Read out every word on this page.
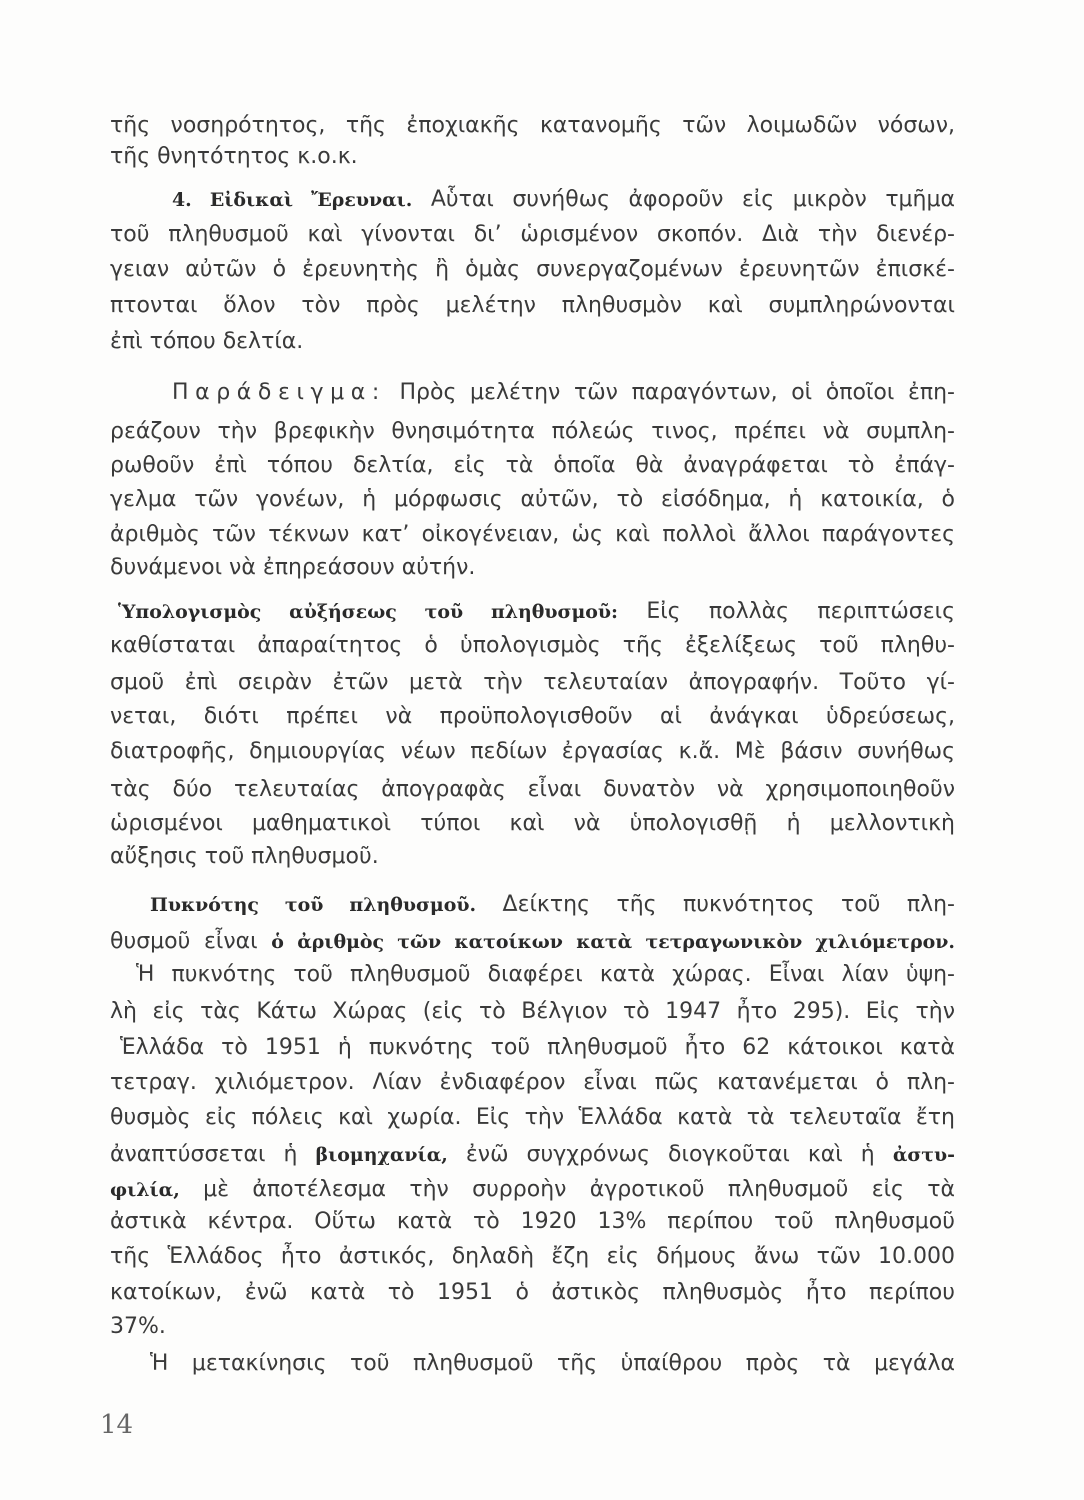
τῆς νοσηρότητος, τῆς ἐποχιακῆς κατανομῆς τῶν λοιμωδῶν νόσων,
τῆς θνητότητος κ.ο.κ.
4. Εἰδικαὶ Ἔρευναι. Αὗται συνήθως ἀφοροῦν εἰς μικρὸν τμῆμα
τοῦ πληθυσμοῦ καὶ γίνονται δι’ ὡρισμένον σκοπόν. Διὰ τὴν διενέρ-
γειαν αὐτῶν ὁ ἐρευνητὴς ἢ ὁμὰς συνεργαζομένων ἐρευνητῶν ἐπισκέ-
πτονται ὅλον τὸν πρὸς μελέτην πληθυσμὸν καὶ συμπληρώνονται
ἐπὶ τόπου δελτία.
Παράδειγμα: Πρὸς μελέτην τῶν παραγόντων, οἱ ὁποῖοι ἐπη-
ρεάζουν τὴν βρεφικὴν θνησιμότητα πόλεώς τινος, πρέπει νὰ συμπλη-
ρωθοῦν ἐπὶ τόπου δελτία, εἰς τὰ ὁποῖα θὰ ἀναγράφεται τὸ ἐπάγ-
γελμα τῶν γονέων, ἡ μόρφωσις αὐτῶν, τὸ εἰσόδημα, ἡ κατοικία, ὁ
ἀριθμὸς τῶν τέκνων κατ’ οἰκογένειαν, ὡς καὶ πολλοὶ ἄλλοι παράγοντες
δυνάμενοι νὰ ἐπηρεάσουν αὐτήν.
Ὑπολογισμὸς αὐξήσεως τοῦ πληθυσμοῦ: Εἰς πολλὰς περιπτώσεις
καθίσταται ἀπαραίτητος ὁ ὑπολογισμὸς τῆς ἐξελίξεως τοῦ πληθυ-
σμοῦ ἐπὶ σειρὰν ἐτῶν μετὰ τὴν τελευταίαν ἀπογραφήν. Τοῦτο γί-
νεται, διότι πρέπει νὰ προϋπολογισθοῦν αἱ ἀνάγκαι ὑδρεύσεως,
διατροφῆς, δημιουργίας νέων πεδίων ἐργασίας κ.ἄ. Μὲ βάσιν συνήθως
τὰς δύο τελευταίας ἀπογραφὰς εἶναι δυνατὸν νὰ χρησιμοποιηθοῦν
ὡρισμένοι μαθηματικοὶ τύποι καὶ νὰ ὑπολογισθῇ ἡ μελλοντικὴ
αὔξησις τοῦ πληθυσμοῦ.
Πυκνότης τοῦ πληθυσμοῦ. Δείκτης τῆς πυκνότητος τοῦ πλη-
θυσμοῦ εἶναι ὁ ἀριθμὸς τῶν κατοίκων κατὰ τετραγωνικὸν χιλιόμετρον.
Ἡ πυκνότης τοῦ πληθυσμοῦ διαφέρει κατὰ χώρας. Εἶναι λίαν ὑψη-
λὴ εἰς τὰς Κάτω Χώρας (εἰς τὸ Βέλγιον τὸ 1947 ἦτο 295). Εἰς τὴν
Ἑλλάδα τὸ 1951 ἡ πυκνότης τοῦ πληθυσμοῦ ἦτο 62 κάτοικοι κατὰ
τετραγ. χιλιόμετρον. Λίαν ἐνδιαφέρον εἶναι πῶς κατανέμεται ὁ πλη-
θυσμὸς εἰς πόλεις καὶ χωρία. Εἰς τὴν Ἑλλάδα κατὰ τὰ τελευταῖα ἔτη
ἀναπτύσσεται ἡ βιομηχανία, ἐνῶ συγχρόνως διογκοῦται καὶ ἡ ἀστυ-
φιλία, μὲ ἀποτέλεσμα τὴν συρροὴν ἀγροτικοῦ πληθυσμοῦ εἰς τὰ
ἀστικὰ κέντρα. Οὕτω κατὰ τὸ 1920 13% περίπου τοῦ πληθυσμοῦ
τῆς Ἑλλάδος ἦτο ἀστικός, δηλαδὴ ἔζη εἰς δήμους ἄνω τῶν 10.000
κατοίκων, ἐνῶ κατὰ τὸ 1951 ὁ ἀστικὸς πληθυσμὸς ἦτο περίπου
37%.
Ἡ μετακίνησις τοῦ πληθυσμοῦ τῆς ὑπαίθρου πρὸς τὰ μεγάλα
14
